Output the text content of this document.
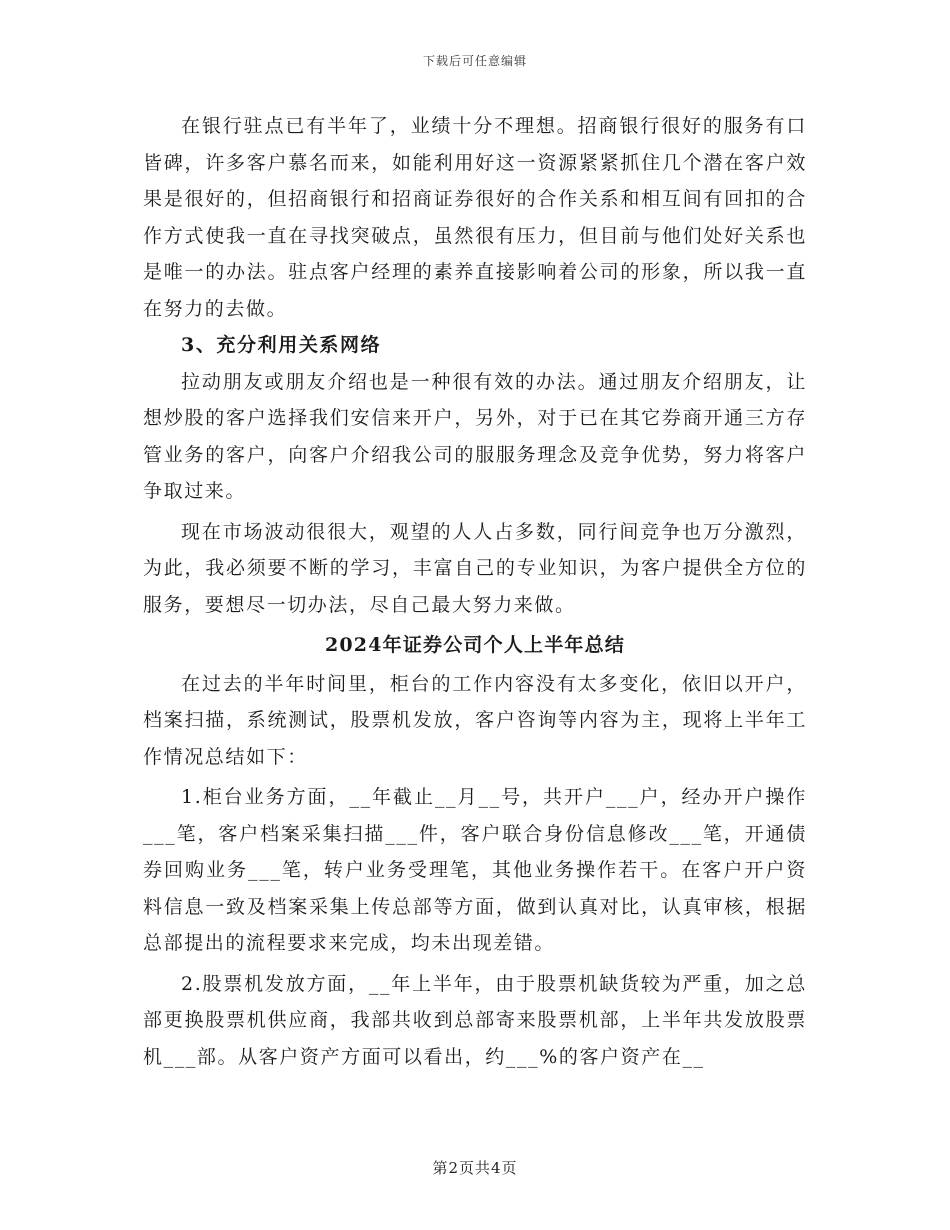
下载后可任意编辑

在银行驻点已有半年了，业绩十分不理想。招商银行很好的服务有口皆碑，许多客户慕名而来，如能利用好这一资源紧紧抓住几个潜在客户效果是很好的，但招商银行和招商证券很好的合作关系和相互间有回扣的合作方式使我一直在寻找突破点，虽然很有压力，但目前与他们处好关系也是唯一的办法。驻点客户经理的素养直接影响着公司的形象，所以我一直在努力的去做。

3、充分利用关系网络

拉动朋友或朋友介绍也是一种很有效的办法。通过朋友介绍朋友，让想炒股的客户选择我们安信来开户，另外，对于已在其它券商开通三方存管业务的客户，向客户介绍我公司的服服务理念及竞争优势，努力将客户争取过来。

现在市场波动很很大，观望的人人占多数，同行间竞争也万分激烈，为此，我必须要不断的学习，丰富自己的专业知识，为客户提供全方位的服务，要想尽一切办法，尽自己最大努力来做。

2024年证券公司个人上半年总结

在过去的半年时间里，柜台的工作内容没有太多变化，依旧以开户，档案扫描，系统测试，股票机发放，客户咨询等内容为主，现将上半年工作情况总结如下：

1.柜台业务方面，__年截止__月__号，共开户___户，经办开户操作___笔，客户档案采集扫描___件，客户联合身份信息修改___笔，开通债券回购业务___笔，转户业务受理笔，其他业务操作若干。在客户开户资料信息一致及档案采集上传总部等方面，做到认真对比，认真审核，根据总部提出的流程要求来完成，均未出现差错。

2.股票机发放方面，__年上半年，由于股票机缺货较为严重，加之总部更换股票机供应商，我部共收到总部寄来股票机部，上半年共发放股票机___部。从客户资产方面可以看出，约___%的客户资产在__

第2页共4页
